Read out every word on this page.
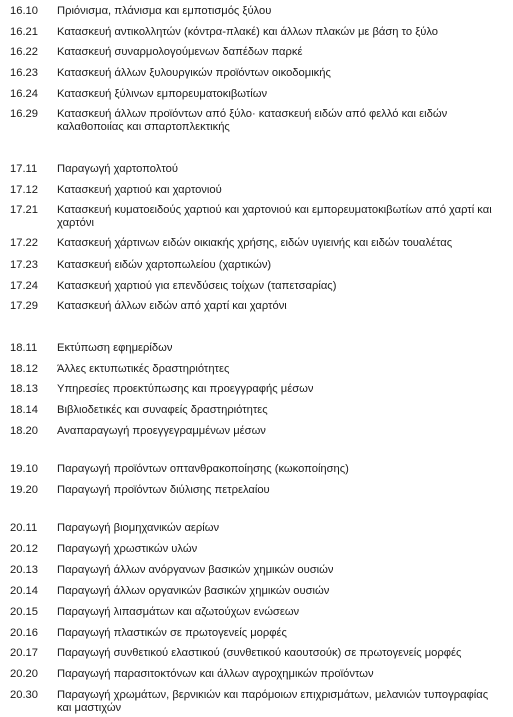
16.10	Πριόνισμα, πλάνισμα και εμποτισμός ξύλου
16.21	Κατασκευή αντικολλητών (κόντρα-πλακέ) και άλλων πλακών με βάση το ξύλο
16.22	Κατασκευή συναρμολογούμενων δαπέδων παρκέ
16.23	Κατασκευή άλλων ξυλουργικών προϊόντων οικοδομικής
16.24	Κατασκευή ξύλινων εμπορευματοκιβωτίων
16.29	Κατασκευή άλλων προϊόντων από ξύλο· κατασκευή ειδών από φελλό και ειδών καλαθοποιίας και σπαρτοπλεκτικής
17.11	Παραγωγή χαρτοπολτού
17.12	Κατασκευή χαρτιού και χαρτονιού
17.21	Κατασκευή κυματοειδούς χαρτιού και χαρτονιού και εμπορευματοκιβωτίων από χαρτί και χαρτόνι
17.22	Κατασκευή χάρτινων ειδών οικιακής χρήσης, ειδών υγιεινής και ειδών τουαλέτας
17.23	Κατασκευή ειδών χαρτοπωλείου (χαρτικών)
17.24	Κατασκευή χαρτιού για επενδύσεις τοίχων (ταπετσαρίας)
17.29	Κατασκευή άλλων ειδών από χαρτί και χαρτόνι
18.11	Εκτύπωση εφημερίδων
18.12	Άλλες εκτυπωτικές δραστηριότητες
18.13	Υπηρεσίες προεκτύπωσης και προεγγραφής μέσων
18.14	Βιβλιοδετικές και συναφείς δραστηριότητες
18.20	Αναπαραγωγή προεγγεγραμμένων μέσων
19.10	Παραγωγή προϊόντων οπτανθρακοποίησης (κωκοποίησης)
19.20	Παραγωγή προϊόντων διύλισης πετρελαίου
20.11	Παραγωγή βιομηχανικών αερίων
20.12	Παραγωγή χρωστικών υλών
20.13	Παραγωγή άλλων ανόργανων βασικών χημικών ουσιών
20.14	Παραγωγή άλλων οργανικών βασικών χημικών ουσιών
20.15	Παραγωγή λιπασμάτων και αζωτούχων ενώσεων
20.16	Παραγωγή πλαστικών σε πρωτογενείς μορφές
20.17	Παραγωγή συνθετικού ελαστικού (συνθετικού καουτσούκ) σε πρωτογενείς μορφές
20.20	Παραγωγή παρασιτοκτόνων και άλλων αγροχημικών προϊόντων
20.30	Παραγωγή χρωμάτων, βερνικιών και παρόμοιων επιχρισμάτων, μελανιών τυπογραφίας και μαστιχών
